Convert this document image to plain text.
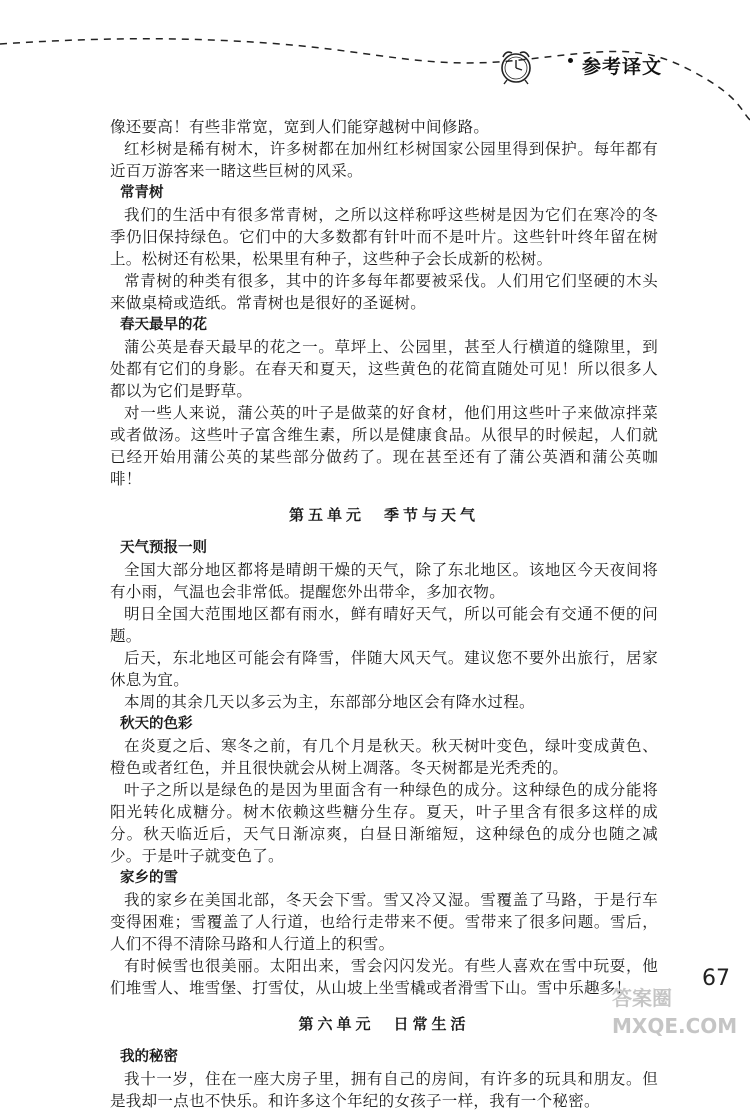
参考译文

像还要高！有些非常宽，宽到人们能穿越树中间修路。

红杉树是稀有树木，许多树都在加州红杉树国家公园里得到保护。每年都有近百万游客来一睹这些巨树的风采。

常青树

我们的生活中有很多常青树，之所以这样称呼这些树是因为它们在寒冷的冬季仍旧保持绿色。它们中的大多数都有针叶而不是叶片。这些针叶终年留在树上。松树还有松果，松果里有种子，这些种子会长成新的松树。

常青树的种类有很多，其中的许多每年都要被采伐。人们用它们坚硬的木头来做桌椅或造纸。常青树也是很好的圣诞树。

春天最早的花

蒲公英是春天最早的花之一。草坪上、公园里，甚至人行横道的缝隙里，到处都有它们的身影。在春天和夏天，这些黄色的花简直随处可见！所以很多人都以为它们是野草。

对一些人来说，蒲公英的叶子是做菜的好食材，他们用这些叶子来做凉拌菜或者做汤。这些叶子富含维生素，所以是健康食品。从很早的时候起，人们就已经开始用蒲公英的某些部分做药了。现在甚至还有了蒲公英酒和蒲公英咖啡！

第五单元　季节与天气

天气预报一则

全国大部分地区都将是晴朗干燥的天气，除了东北地区。该地区今天夜间将有小雨，气温也会非常低。提醒您外出带伞，多加衣物。

明日全国大范围地区都有雨水，鲜有晴好天气，所以可能会有交通不便的问题。

后天，东北地区可能会有降雪，伴随大风天气。建议您不要外出旅行，居家休息为宜。

本周的其余几天以多云为主，东部部分地区会有降水过程。

秋天的色彩

在炎夏之后、寒冬之前，有几个月是秋天。秋天树叶变色，绿叶变成黄色、橙色或者红色，并且很快就会从树上凋落。冬天树都是光秃秃的。

叶子之所以是绿色的是因为里面含有一种绿色的成分。这种绿色的成分能将阳光转化成糖分。树木依赖这些糖分生存。夏天，叶子里含有很多这样的成分。秋天临近后，天气日渐凉爽，白昼日渐缩短，这种绿色的成分也随之减少。于是叶子就变色了。

家乡的雪

我的家乡在美国北部，冬天会下雪。雪又冷又湿。雪覆盖了马路，于是行车变得困难；雪覆盖了人行道，也给行走带来不便。雪带来了很多问题。雪后，人们不得不清除马路和人行道上的积雪。

有时候雪也很美丽。太阳出来，雪会闪闪发光。有些人喜欢在雪中玩耍，他们堆雪人、堆雪堡、打雪仗，从山坡上坐雪橇或者滑雪下山。雪中乐趣多！

第六单元　日常生活

我的秘密

我十一岁，住在一座大房子里，拥有自己的房间，有许多的玩具和朋友。但是我却一点也不快乐。和许多这个年纪的女孩子一样，我有一个秘密。

67
答案圈
MXQE.COM
